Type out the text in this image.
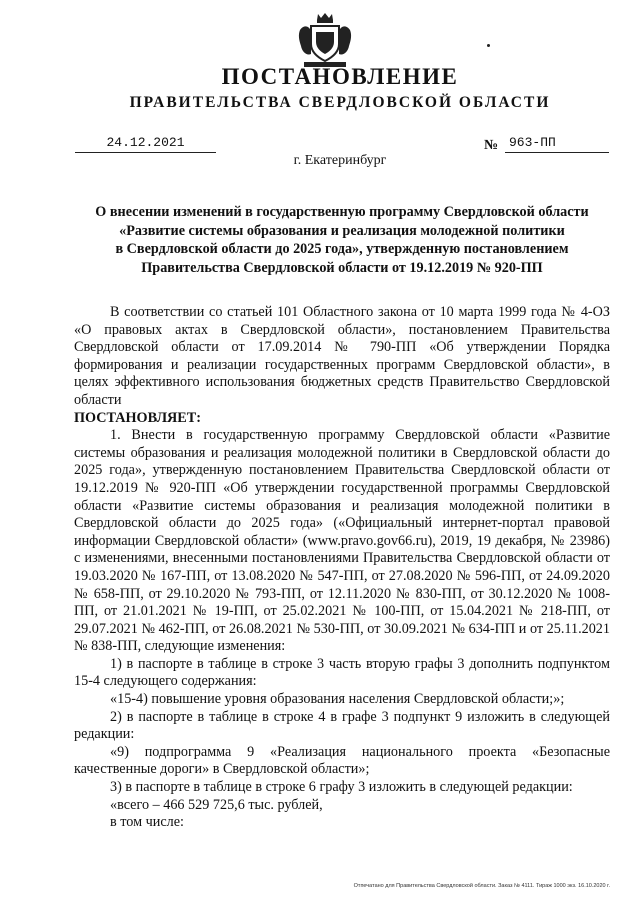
ПОСТАНОВЛЕНИЕ
ПРАВИТЕЛЬСТВА СВЕРДЛОВСКОЙ ОБЛАСТИ
24.12.2021	№ 963-ПП
г. Екатеринбург
О внесении изменений в государственную программу Свердловской области
«Развитие системы образования и реализация молодежной политики
в Свердловской области до 2025 года», утвержденную постановлением
Правительства Свердловской области от 19.12.2019 № 920-ПП

В соответствии со статьей 101 Областного закона от 10 марта 1999 года № 4-ОЗ «О правовых актах в Свердловской области», постановлением Правительства Свердловской области от 17.09.2014 № 790-ПП «Об утверждении Порядка формирования и реализации государственных программ Свердловской области», в целях эффективного использования бюджетных средств Правительство Свердловской области

ПОСТАНОВЛЯЕТ:

1. Внести в государственную программу Свердловской области «Развитие системы образования и реализация молодежной политики в Свердловской области до 2025 года», утвержденную постановлением Правительства Свердловской области от 19.12.2019 № 920-ПП «Об утверждении государственной программы Свердловской области «Развитие системы образования и реализация молодежной политики в Свердловской области до 2025 года» («Официальный интернет-портал правовой информации Свердловской области» (www.pravo.gov66.ru), 2019, 19 декабря, № 23986) с изменениями, внесенными постановлениями Правительства Свердловской области от 19.03.2020 № 167-ПП, от 13.08.2020 № 547-ПП, от 27.08.2020 № 596-ПП, от 24.09.2020 № 658-ПП, от 29.10.2020 № 793-ПП, от 12.11.2020 № 830-ПП, от 30.12.2020 № 1008-ПП, от 21.01.2021 № 19-ПП, от 25.02.2021 № 100-ПП, от 15.04.2021 № 218-ПП, от 29.07.2021 № 462-ПП, от 26.08.2021 № 530-ПП, от 30.09.2021 № 634-ПП и от 25.11.2021 № 838-ПП, следующие изменения:

1) в паспорте в таблице в строке 3 часть вторую графы 3 дополнить подпунктом 15-4 следующего содержания:

«15-4) повышение уровня образования населения Свердловской области;»;

2) в паспорте в таблице в строке 4 в графе 3 подпункт 9 изложить в следующей редакции:

«9) подпрограмма 9 «Реализация национального проекта «Безопасные качественные дороги» в Свердловской области»;

3) в паспорте в таблице в строке 6 графу 3 изложить в следующей редакции:

«всего – 466 529 725,6 тыс. рублей,

в том числе:

Отпечатано для Правительства Свердловской области. Заказ № 4111. Тираж 1000 экз. 16.10.2020 г.
